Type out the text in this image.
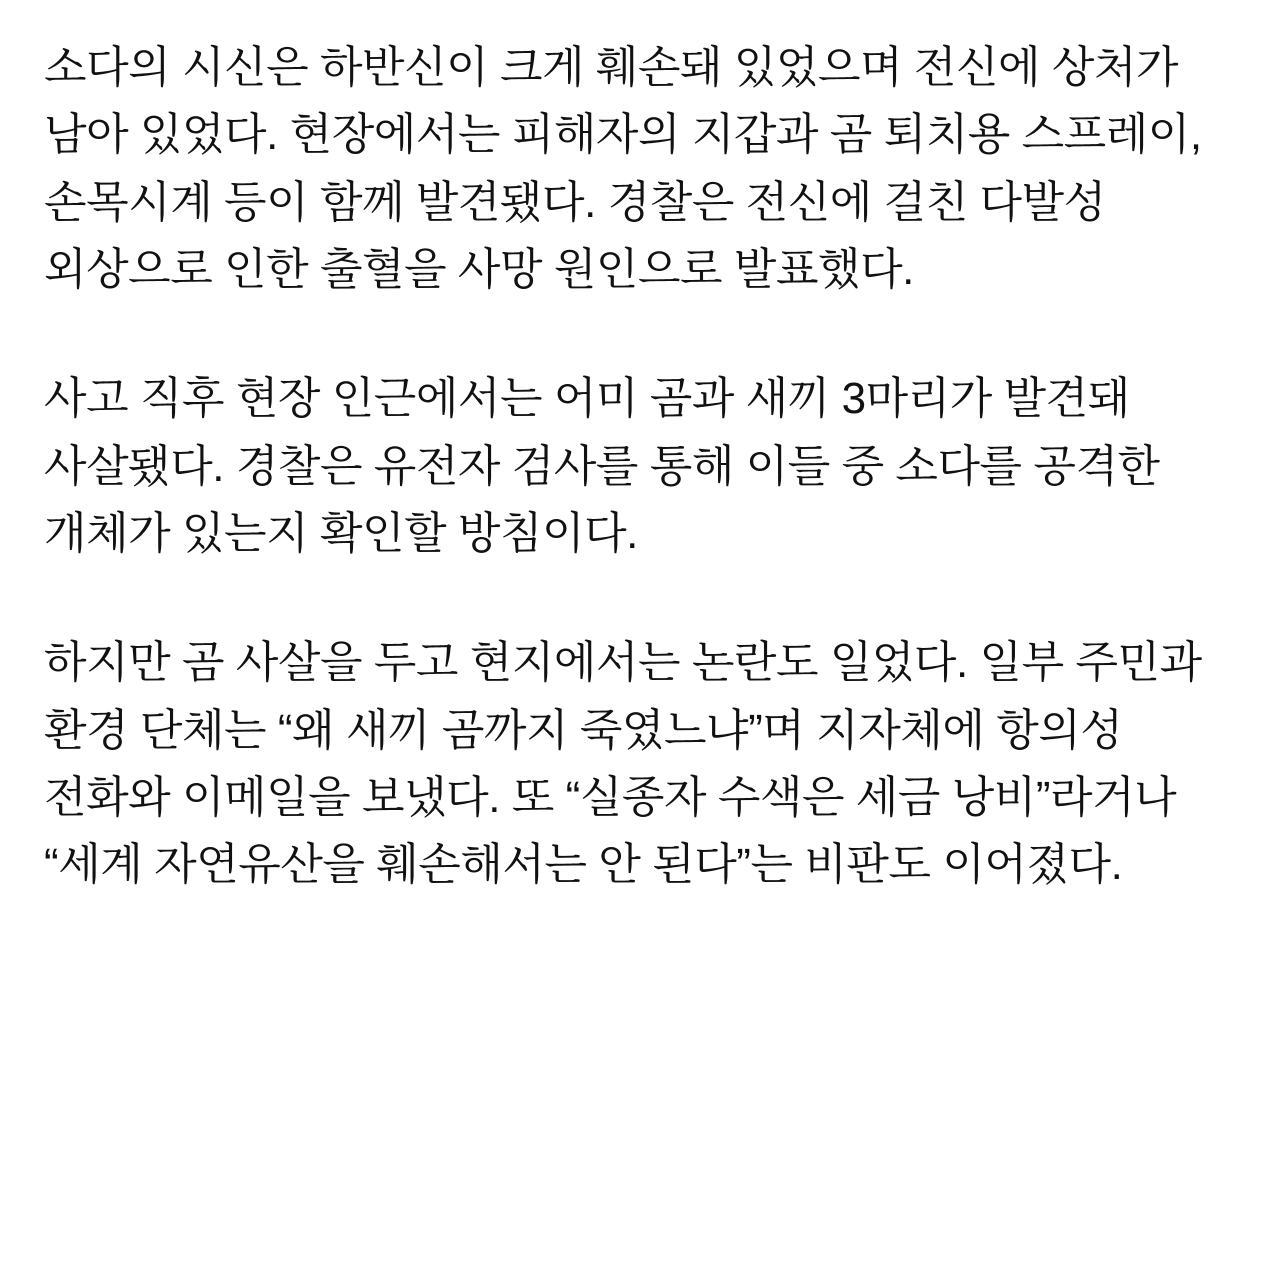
소다의 시신은 하반신이 크게 훼손돼 있었으며 전신에 상처가 남아 있었다. 현장에서는 피해자의 지갑과 곰 퇴치용 스프레이, 손목시계 등이 함께 발견됐다. 경찰은 전신에 걸친 다발성 외상으로 인한 출혈을 사망 원인으로 발표했다.

사고 직후 현장 인근에서는 어미 곰과 새끼 3마리가 발견돼 사살됐다. 경찰은 유전자 검사를 통해 이들 중 소다를 공격한 개체가 있는지 확인할 방침이다.

하지만 곰 사살을 두고 현지에서는 논란도 일었다. 일부 주민과 환경 단체는 “왜 새끼 곰까지 죽였느냐”며 지자체에 항의성 전화와 이메일을 보냈다. 또 “실종자 수색은 세금 낭비”라거나 “세계 자연유산을 훼손해서는 안 된다”는 비판도 이어졌다.
